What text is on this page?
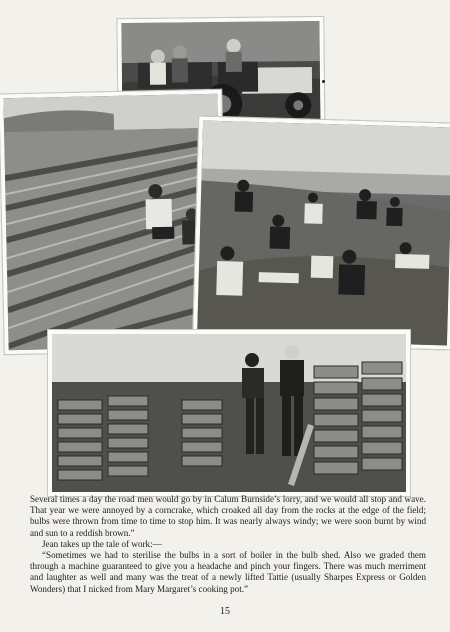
Several times a day the road men would go by in Calum Burnside’s lorry, and we would all stop and wave. That year we were annoyed by a corncrake, which croaked all day from the rocks at the edge of the field; bulbs were thrown from time to time to stop him. It was nearly always windy; we were soon burnt by wind and sun to a reddish brown.”

Jean takes up the tale of work:—

“Sometimes we had to sterilise the bulbs in a sort of boiler in the bulb shed. Also we graded them through a machine guaranteed to give you a headache and pinch your fingers. There was much merriment and laughter as well and many was the treat of a newly lifted Tattie (usually Sharpes Express or Golden Wonders) that I nicked from Mary Margaret’s cooking pot.”

15
